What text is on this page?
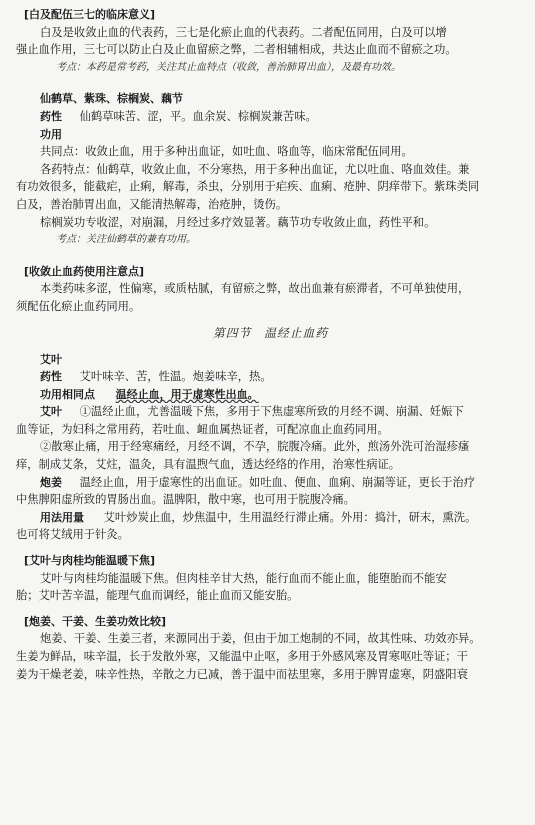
[白及配伍三七的临床意义]
白及是收敛止血的代表药，三七是化瘀止血的代表药。二者配伍同用，白及可以增
强止血作用，三七可以防止白及止血留瘀之弊，二者相辅相成，共达止血而不留瘀之功。
考点：本药是常考药，关注其止血特点（收敛，善治肺胃出血），及最有功效。
仙鹤草、紫珠、棕榈炭、藕节
药性 仙鹤草味苦、涩，平。血余炭、棕榈炭兼苦味。
功用
共同点：收敛止血，用于多种出血证，如吐血、咯血等，临床常配伍同用。
各药特点：仙鹤草，收敛止血，不分寒热，用于多种出血证，尤以吐血、咯血效佳。兼
有功效很多，能截疟，止痢，解毒，杀虫，分别用于疟疾、血痢、疮肿、阴痒带下。紫珠类同
白及，善治肺胃出血，又能清热解毒，治疮肿，烫伤。
棕榈炭功专收涩，对崩漏，月经过多疗效显著。藕节功专收敛止血，药性平和。
考点：关注仙鹤草的兼有功用。
[收敛止血药使用注意点]
本类药味多涩，性偏寒，或质枯腻，有留瘀之弊，故出血兼有瘀滞者，不可单独使用，
须配伍化瘀止血药同用。
第四节　温经止血药
艾叶
药性 艾叶味辛、苦，性温。炮姜味辛，热。
功用相同点 温经止血，用于虚寒性出血。
艾叶 ①温经止血，尤善温暖下焦，多用于下焦虚寒所致的月经不调、崩漏、妊娠下
血等证，为妇科之常用药，若吐血、衄血属热证者，可配凉血止血药同用。
②散寒止痛，用于经寒痛经，月经不调，不孕，脘腹冷痛。此外，煎汤外洗可治湿疹瘙
痒，制成艾条，艾炷，温灸，具有温煦气血，透达经络的作用，治寒性病证。
炮姜 温经止血，用于虚寒性的出血证。如吐血、便血、血痢、崩漏等证，更长于治疗
中焦脾阳虚所致的胃肠出血。温脾阳，散中寒，也可用于脘腹冷痛。
用法用量 艾叶炒炭止血，炒焦温中，生用温经行滞止痛。外用：捣汁，研末，熏洗。
也可将艾绒用于针灸。
[艾叶与肉桂均能温暖下焦]
艾叶与肉桂均能温暖下焦。但肉桂辛甘大热，能行血而不能止血，能堕胎而不能安
胎；艾叶苦辛温，能理气血而调经，能止血而又能安胎。
[炮姜、干姜、生姜功效比较]
炮姜、干姜、生姜三者，来源同出于姜，但由于加工炮制的不同，故其性味、功效亦异。
生姜为鲜品，味辛温，长于发散外寒，又能温中止呕，多用于外感风寒及胃寒呕吐等证；干
姜为干燥老姜，味辛性热，辛散之力已减，善于温中而祛里寒，多用于脾胃虚寒，阴盛阳衰
